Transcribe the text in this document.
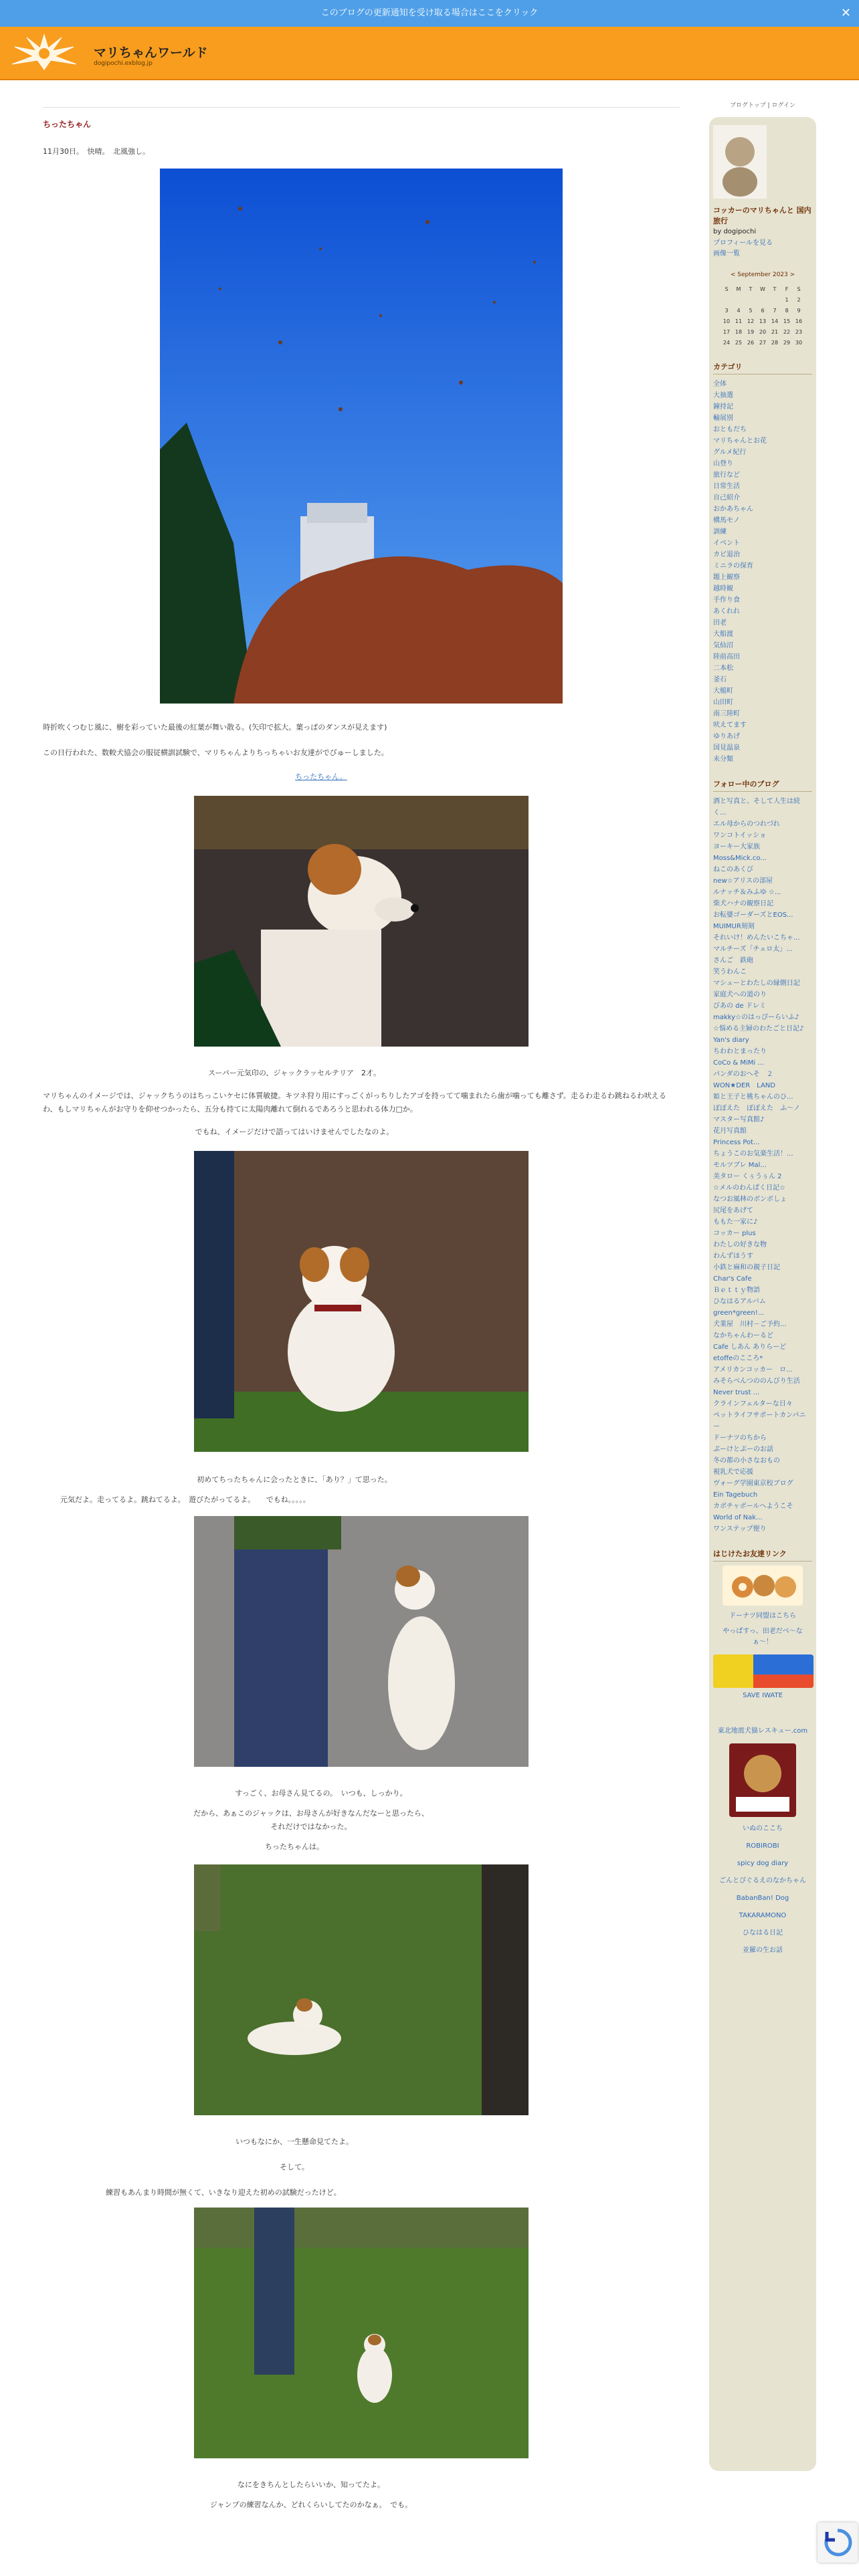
このブログの更新通知を受け取る場合はここをクリック	✕
マリちゃんワールド
dogipochi.exblog.jp
ちったちゃん
11月30日。　快晴。　北風強し。

時折吹くつむじ風に、樹を彩っていた最後の紅葉が舞い散る。(矢印で拡大。葉っぱのダンスが見えます)

この日行われた、数較犬協会の服従横訓試験で、マリちゃんよりちっちゃいお友達がでびゅーしました。

ちったちゃん。

スーパー元気印の、ジャックラッセルテリア　2才。

マリちゃんのイメージでは、ジャックちうのはちっこいケセに体質敏捷。キツネ狩り用にすっごくがっちりしたアゴを持ってて噛まれたら歯が噛っても離さず。走るわ走るわ跳ねるわ吠えるわ、もしマリちゃんがお守りを仰せつかったら、五分も持てに太陽肉離れて倒れるであろうと思われる体力□か。

でもね、イメージだけで語ってはいけませんでしたなのよ。

初めてちったちゃんに会ったときに、「あり？」て思った。

元気だよ。走ってるよ。跳ねてるよ。　遊びたがってるよ。　　でもね。。。。。

すっごく、お母さん見てるの。　いつも、しっかり。

だから、あぁこのジャックは、お母さんが好きなんだなーと思ったら、

それだけではなかった。

ちったちゃんは。

いつもなにか、一生懸命見てたよ。

そして。

練習もあんまり時間が無くて、いきなり迎えた初めの試験だったけど。

なにをきちんとしたらいいか、知ってたよ。

ジャンプの練習なんか、どれくらいしてたのかなぁ。　でも。

ブログトップ | ログイン
コッカーのマリちゃんと 国内旅行
by dogipochi
プロフィールを見る
画像一覧
< September 2023 >
S	M	T	W	T	F	S
					1	2
3	4	5	6	7	8	9
10	11	12	13	14	15	16
17	18	19	20	21	22	23
24	25	26	27	28	29	30
カテゴリ
全体
大抽選
鐘持記
輸展別
おともだち
マリちゃんとお花
グルメ紀行
山登り
旅行など
日常生活
自己紹介
おかあちゃん
構馬モノ
訓練
イベント
カビ退治
ミニラの保育
題上観察
越時観
手作り食
あくれれ
田老
大船渡
気仙沼
陸前高田
二本松
釜石
大槌町
山田町
南三陸町
吠えてます
ゆりあげ
国見温泉
未分類
フォロー中のブログ
酒と写真と、そして人生は続く...
エル母からのつれづれ
ワンコトイッショ
ヨーキー大家族
Moss&Mick.co...
ねこのあくび
new☆アリスの部屋
ルナッチ＆みふゆ ☆...
柴犬ハナの観察日記
お転婆ゴーダーズとEOS...
MUIMUR刻刻
それいけ！めんたいこちゃ...
マルチーズ「チェロ太」...
さんご　鉄砲
笑うわんこ
マシューとわたしの縁側日記
家庭犬への道のり
びあの de ドレミ
makky☆のはっぴーらいふ♪
☆悩める主婦のわたごと日記♪
Yan's diary
ちわわとまったり
CoCo & MiMi ...
パンダのおへそ　２
WON★DER　LAND
姫と王子と桃ちゃんのひ...
ぽぽえた　ぽぽえた　ふ～ノ
マスター写真館♪
花月写真館
Princess Pot...
ちょうこのお気楽生活！...
モルツブレ Mal...
美タロー くぅうぅん 2
☆メルのわんぱく日記☆
なつお風林のボンボしょ
尻尾をあげて
ももた一家に♪
コッカー plus
わたしの好きな物
わんずほうす
小鉄と麻和の親子日記
Char's Cafe
Ｂｅｔｔｙ物語
ひなはるアルバム
green*green!...
犬業屋　川村－ご予約...
なかちゃんわーるど
Cafe しあん ありらーど
etoffeのこころ*
アメリカンコッカー　ロ...
みそらべんつののんびり生活
Never trust ...
クラインフェルターな日々
ペットライフサポートカンパニー
ドーナツのちから
ぷーけとぷーのお話
冬の都の小さなおもの
視乳犬で応援
ヴォーグ学園東京校ブログ
Ein Tagebuch
カボチャボールへようこそ
World of Nak...
ワンステップ便り
はじけたお友達リンク
ドーナツ同盟はこちら
やっぱすっ、田老だべ〜なぁ〜！
SAVE IWATE
東北地震犬猫レスキュー.com
いぬのここち
ROBIROBI
spicy dog diary
ごんとぴぐるえのなかちゃん
BabanBan! Dog
TAKARAMONO
ひなはる日記
並羅の生お話
